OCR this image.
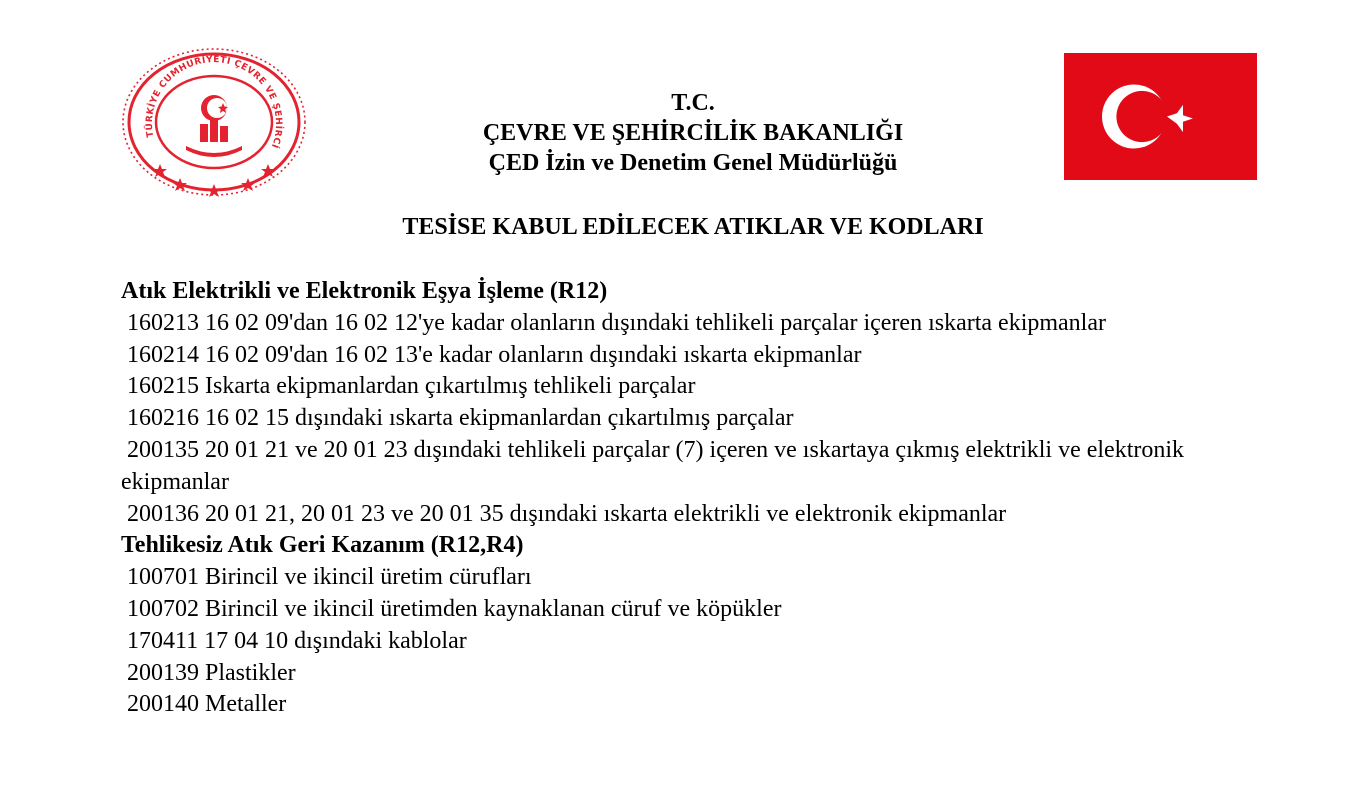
TÜRKİYE CUMHURİYETİ ÇEVRE VE ŞEHİRCİ
T.C.
ÇEVRE VE ŞEHİRCİLİK BAKANLIĞI
ÇED İzin ve Denetim Genel Müdürlüğü
TESİSE KABUL EDİLECEK ATIKLAR VE KODLARI
Atık Elektrikli ve Elektronik Eşya İşleme (R12)
160213 16 02 09'dan 16 02 12'ye kadar olanların dışındaki tehlikeli parçalar içeren ıskarta ekipmanlar
160214 16 02 09'dan 16 02 13'e kadar olanların dışındaki ıskarta ekipmanlar
160215 Iskarta ekipmanlardan çıkartılmış tehlikeli parçalar
160216 16 02 15 dışındaki ıskarta ekipmanlardan çıkartılmış parçalar
200135 20 01 21 ve 20 01 23 dışındaki tehlikeli parçalar (7) içeren ve ıskartaya çıkmış elektrikli ve elektronik ekipmanlar
200136 20 01 21, 20 01 23 ve 20 01 35 dışındaki ıskarta elektrikli ve elektronik ekipmanlar
Tehlikesiz Atık Geri Kazanım (R12,R4)
100701 Birincil ve ikincil üretim cürufları
100702 Birincil ve ikincil üretimden kaynaklanan cüruf ve köpükler
170411 17 04 10 dışındaki kablolar
200139 Plastikler
200140 Metaller
